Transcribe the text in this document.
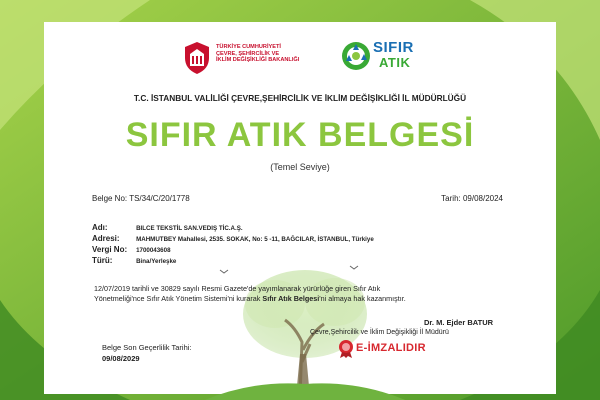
TÜRKİYE CUMHURİYETİ
ÇEVRE, ŞEHİRCİLİK VE
İKLİM DEĞİŞİKLİĞİ BAKANLIĞI
SIFIR
ATIK
T.C. İSTANBUL VALİLİĞİ ÇEVRE,ŞEHİRCİLİK VE İKLİM DEĞİŞİKLİĞİ İL MÜDÜRLÜĞÜ
SIFIR ATIK BELGESİ
(Temel Seviye)
Belge No: TS/34/C/20/1778	Tarih: 09/08/2024
Adı:	BILCE TEKSTİL SAN.VEDIŞ TİC.A.Ş.
Adresi:	MAHMUTBEY Mahallesi, 2535. SOKAK, No: 5 -11, BAĞCILAR, İSTANBUL, Türkiye
Vergi No: 1700043608
Türü:	Bina/Yerleşke
12/07/2019 tarihli ve 30829 sayılı Resmi Gazete'de yayımlanarak yürürlüğe giren Sıfır Atık
Yönetmeliği'nce Sıfır Atık Yönetim Sistemi'ni kurarak Sıfır Atık Belgesi'ni almaya hak kazanmıştır.
Dr. M. Ejder BATUR
Çevre,Şehircilik ve İklim Değişikliği İl Müdürü
E-İMZALIDIR
Belge Son Geçerlilik Tarihi:
09/08/2029
